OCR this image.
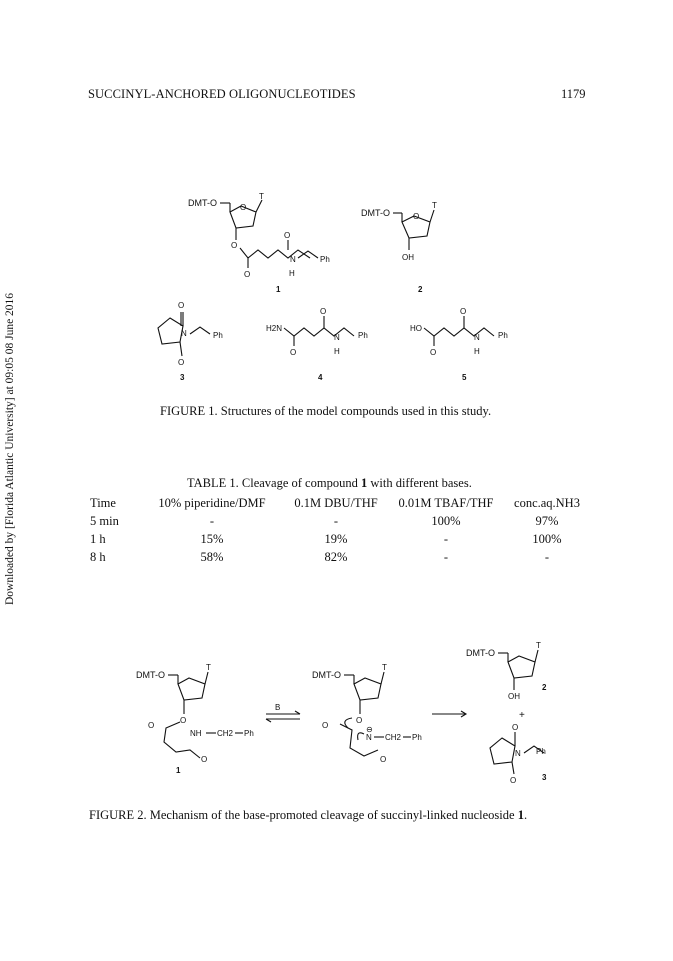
SUCCINYL-ANCHORED OLIGONUCLEOTIDES	1179
Downloaded by [Florida Atlantic University] at 09:05 08 June 2016
DMT-O	O
T
O
O
O
N
H
Ph
1
DMT-O	O
T
OH
2
O
O
N	Ph
3
H2N
O
O
N
H
Ph
4
HO
O
O
N
H
Ph
5
FIGURE 1. Structures of the model compounds used in this study.
TABLE 1. Cleavage of compound 1 with different bases.
Time	10% piperidine/DMF	0.1M DBU/THF	0.01M TBAF/THF	conc.aq.NH3
5 min	-	-	100%	97%
1 h	15%	19%	-	100%
8 h	58%	82%	-	-
DMT-O
T
O
O
NH CH2 Ph
O
1
B
DMT-O
T
O
O	⊖
N CH2 Ph
O
DMT-O
T
OH
2
+
O
O
N Ph
3
FIGURE 2. Mechanism of the base-promoted cleavage of succinyl-linked nucleoside 1.
